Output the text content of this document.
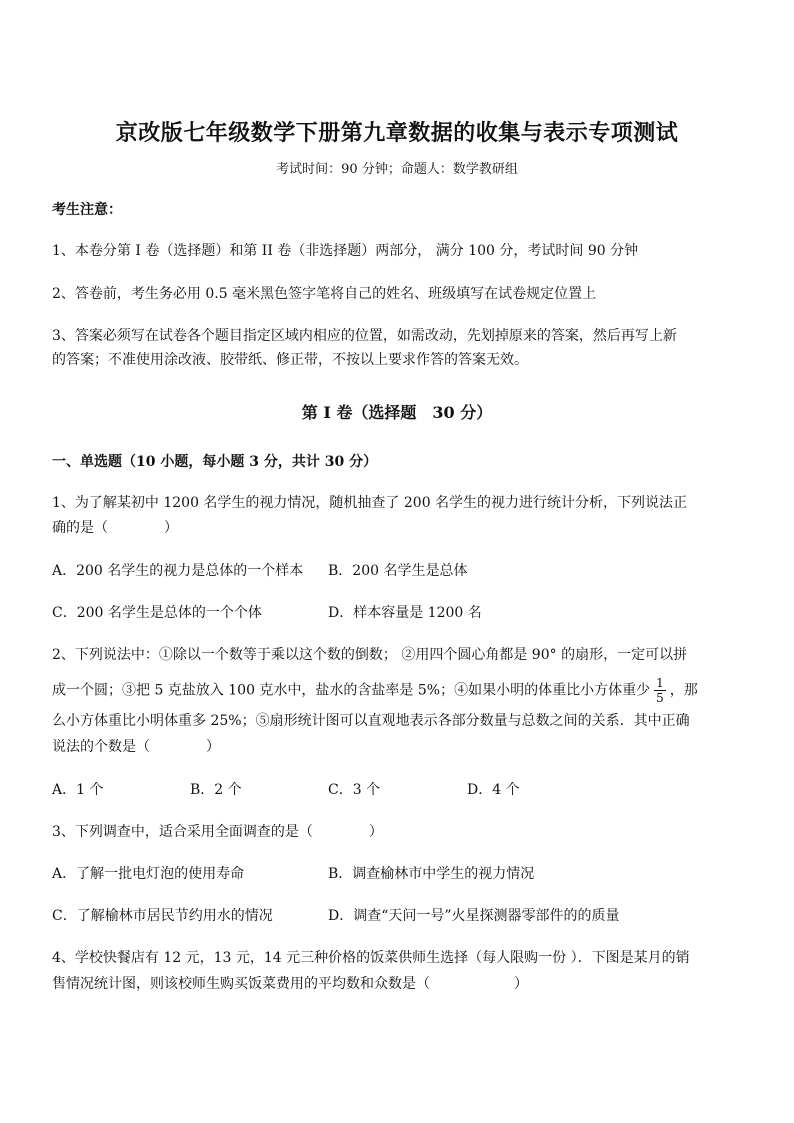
京改版七年级数学下册第九章数据的收集与表示专项测试
考试时间：90 分钟；命题人：数学教研组
考生注意：
1、本卷分第 I 卷（选择题）和第 II 卷（非选择题）两部分， 满分 100 分，考试时间 90 分钟
2、答卷前，考生务必用 0.5 毫米黑色签字笔将自己的姓名、班级填写在试卷规定位置上
3、答案必须写在试卷各个题目指定区域内相应的位置，如需改动，先划掉原来的答案，然后再写上新
的答案；不准使用涂改液、胶带纸、修正带，不按以上要求作答的答案无效。
第 I 卷（选择题　30 分）
一、单选题（10 小题，每小题 3 分，共计 30 分）
1、为了解某初中 1200 名学生的视力情况，随机抽查了 200 名学生的视力进行统计分析，下列说法正
确的是（　　　　）
A．200 名学生的视力是总体的一个样本 B．200 名学生是总体
C．200 名学生是总体的一个个体	D．样本容量是 1200 名
2、下列说法中：①除以一个数等于乘以这个数的倒数； ②用四个圆心角都是 90° 的扇形，一定可以拼
成一个圆；③把 5 克盐放入 100 克水中，盐水的含盐率是 5%；④如果小明的体重比小方体重少 $\frac{1}{5}$ ，那
么小方体重比小明体重多 25%；⑤扇形统计图可以直观地表示各部分数量与总数之间的关系．其中正确
说法的个数是（　　　　）
A．1 个	B．2 个	C．3 个	D．4 个
3、下列调查中，适合采用全面调查的是（　　　　）
A．了解一批电灯泡的使用寿命	B．调查榆林市中学生的视力情况
C．了解榆林市居民节约用水的情况	D．调查“天问一号”火星探测器零部件的的质量
4、学校快餐店有 12 元，13 元，14 元三种价格的饭菜供师生选择（每人限购一份 ）．下图是某月的销
售情况统计图，则该校师生购买饭菜费用的平均数和众数是（　　　　　　）
